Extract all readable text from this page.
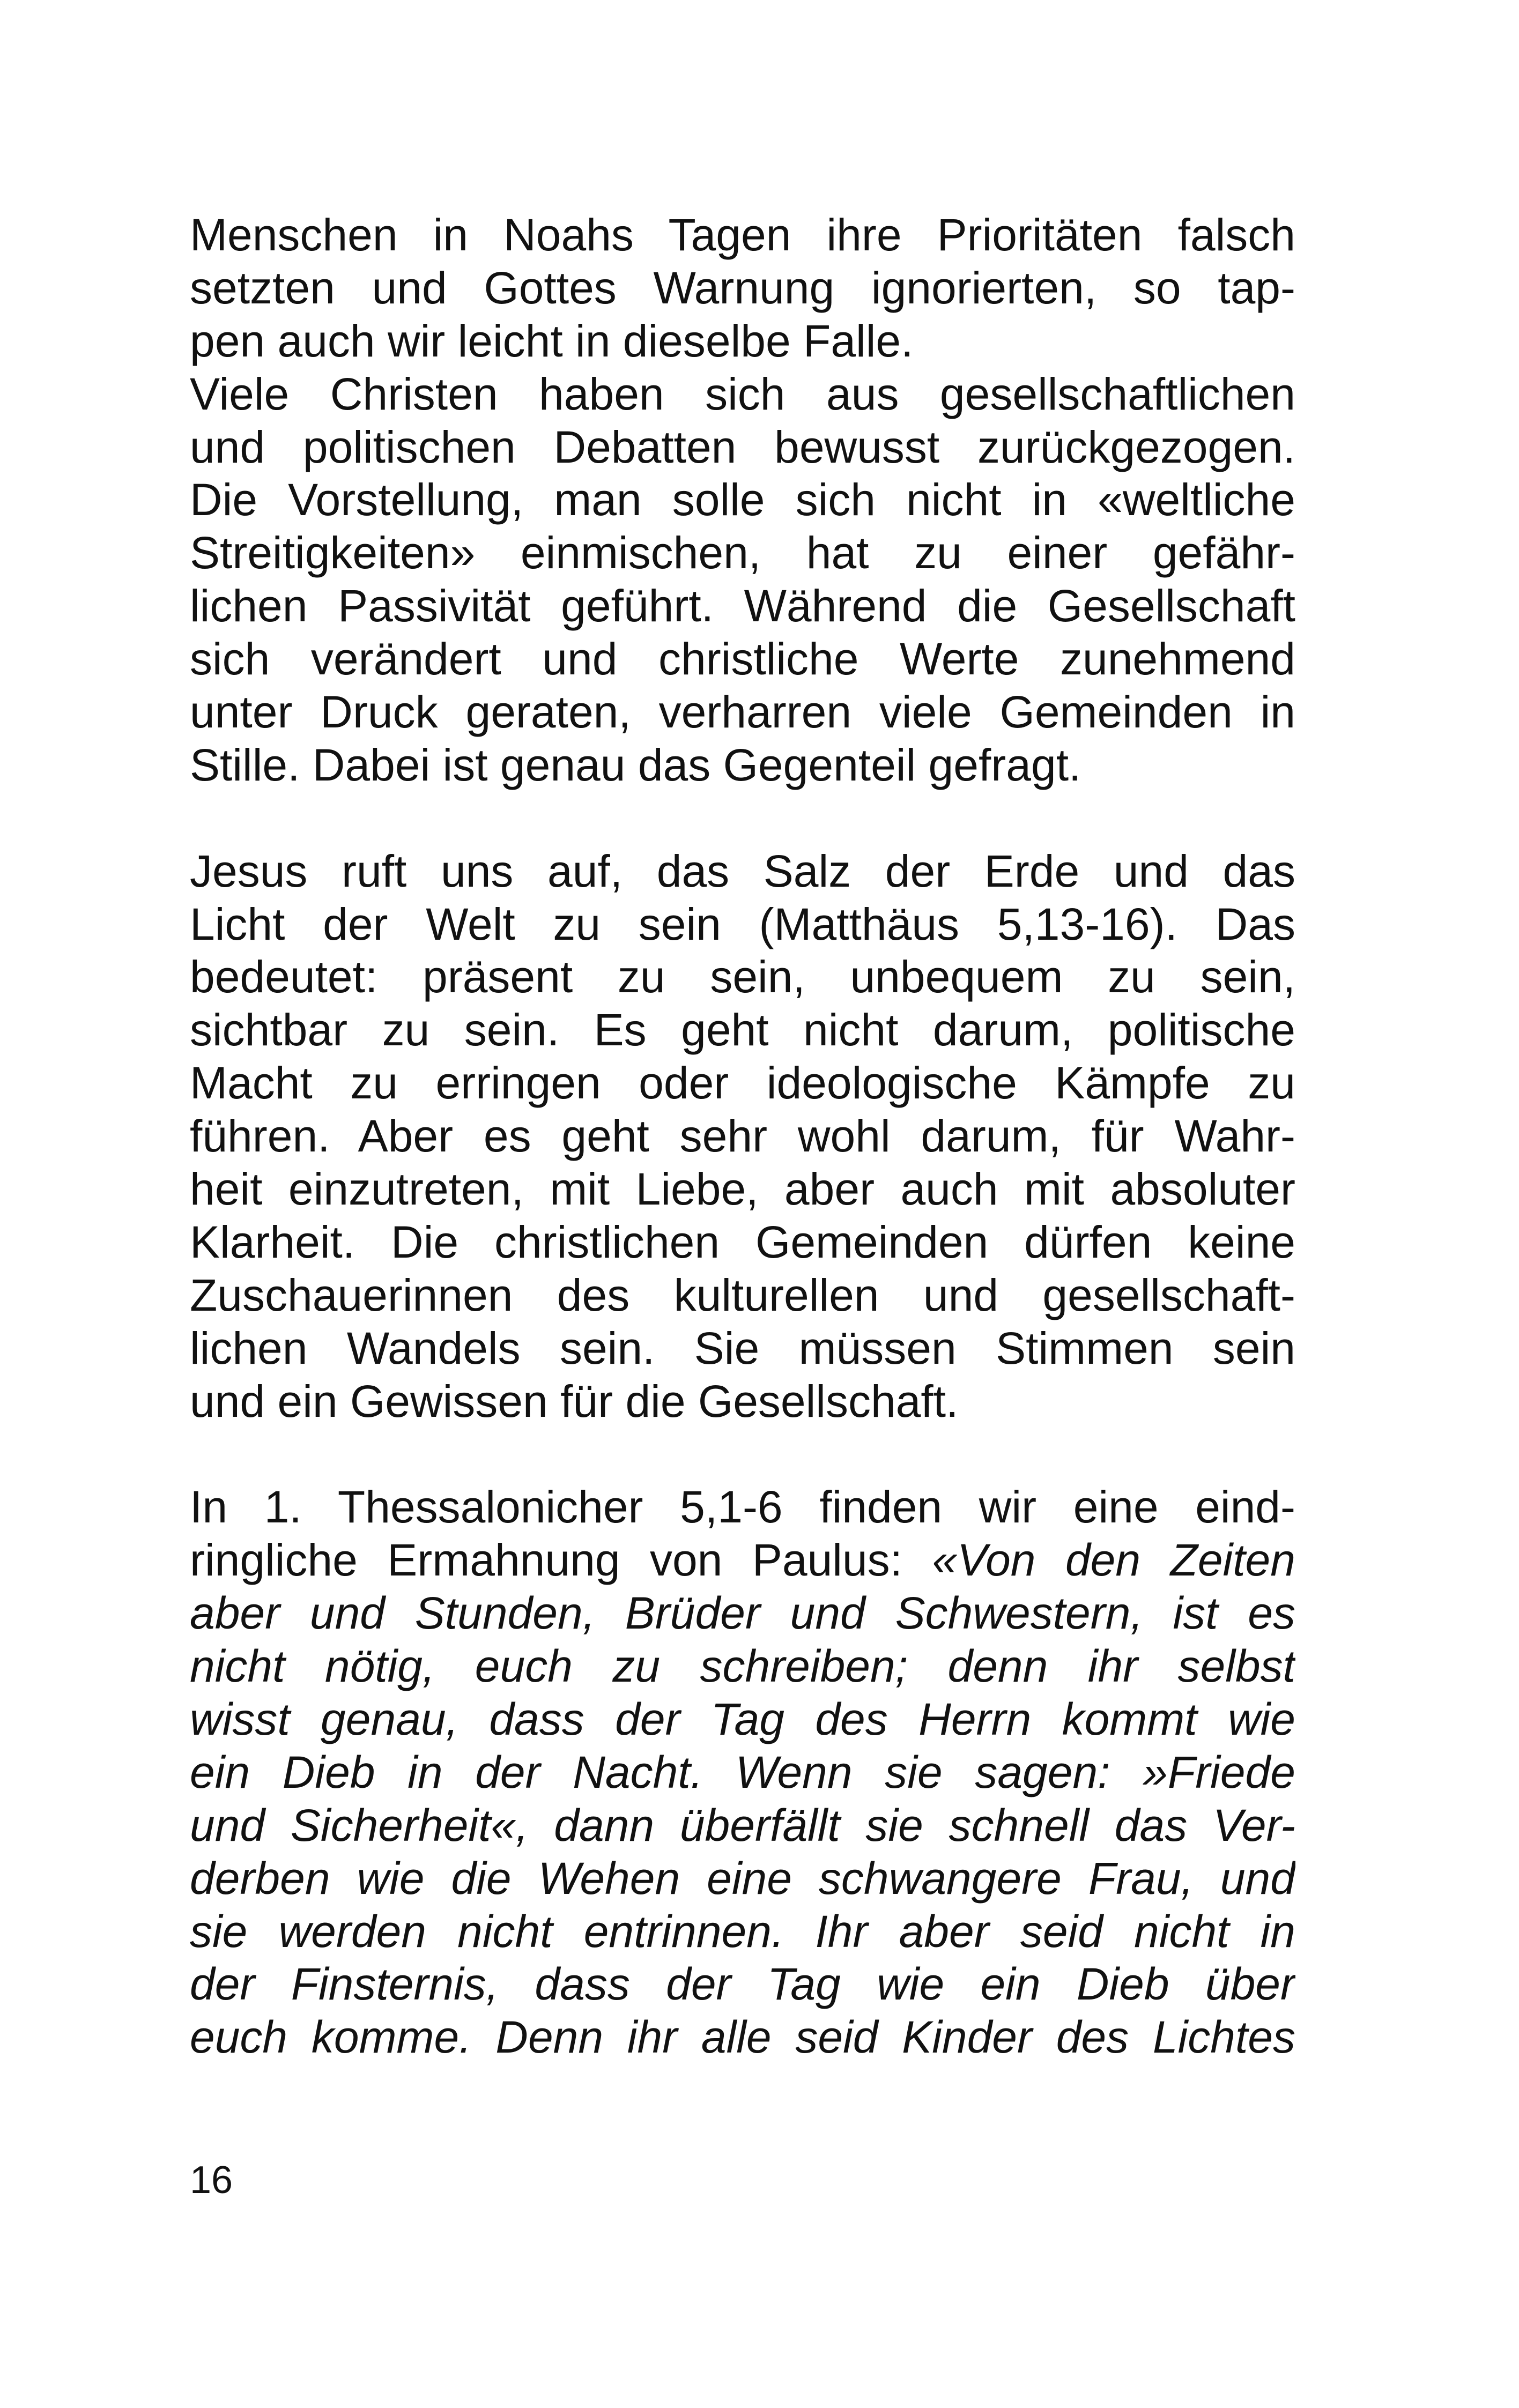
Menschen in Noahs Tagen ihre Prioritäten falsch
setzten und Gottes Warnung ignorierten, so tap-
pen auch wir leicht in dieselbe Falle.
Viele Christen haben sich aus gesellschaftlichen
und politischen Debatten bewusst zurückgezogen.
Die Vorstellung, man solle sich nicht in «weltliche
Streitigkeiten» einmischen, hat zu einer gefähr-
lichen Passivität geführt. Während die Gesellschaft
sich verändert und christliche Werte zunehmend
unter Druck geraten, verharren viele Gemeinden in
Stille. Dabei ist genau das Gegenteil gefragt.
Jesus ruft uns auf, das Salz der Erde und das
Licht der Welt zu sein (Matthäus 5,13-16). Das
bedeutet: präsent zu sein, unbequem zu sein,
sichtbar zu sein. Es geht nicht darum, politische
Macht zu erringen oder ideologische Kämpfe zu
führen. Aber es geht sehr wohl darum, für Wahr-
heit einzutreten, mit Liebe, aber auch mit absoluter
Klarheit. Die christlichen Gemeinden dürfen keine
Zuschauerinnen des kulturellen und gesellschaft-
lichen Wandels sein. Sie müssen Stimmen sein
und ein Gewissen für die Gesellschaft.
In 1. Thessalonicher 5,1-6 finden wir eine eind-
ringliche Ermahnung von Paulus: «Von den Zeiten
aber und Stunden, Brüder und Schwestern, ist es
nicht nötig, euch zu schreiben; denn ihr selbst
wisst genau, dass der Tag des Herrn kommt wie
ein Dieb in der Nacht. Wenn sie sagen: »Friede
und Sicherheit«, dann überfällt sie schnell das Ver-
derben wie die Wehen eine schwangere Frau, und
sie werden nicht entrinnen. Ihr aber seid nicht in
der Finsternis, dass der Tag wie ein Dieb über
euch komme. Denn ihr alle seid Kinder des Lichtes
16
